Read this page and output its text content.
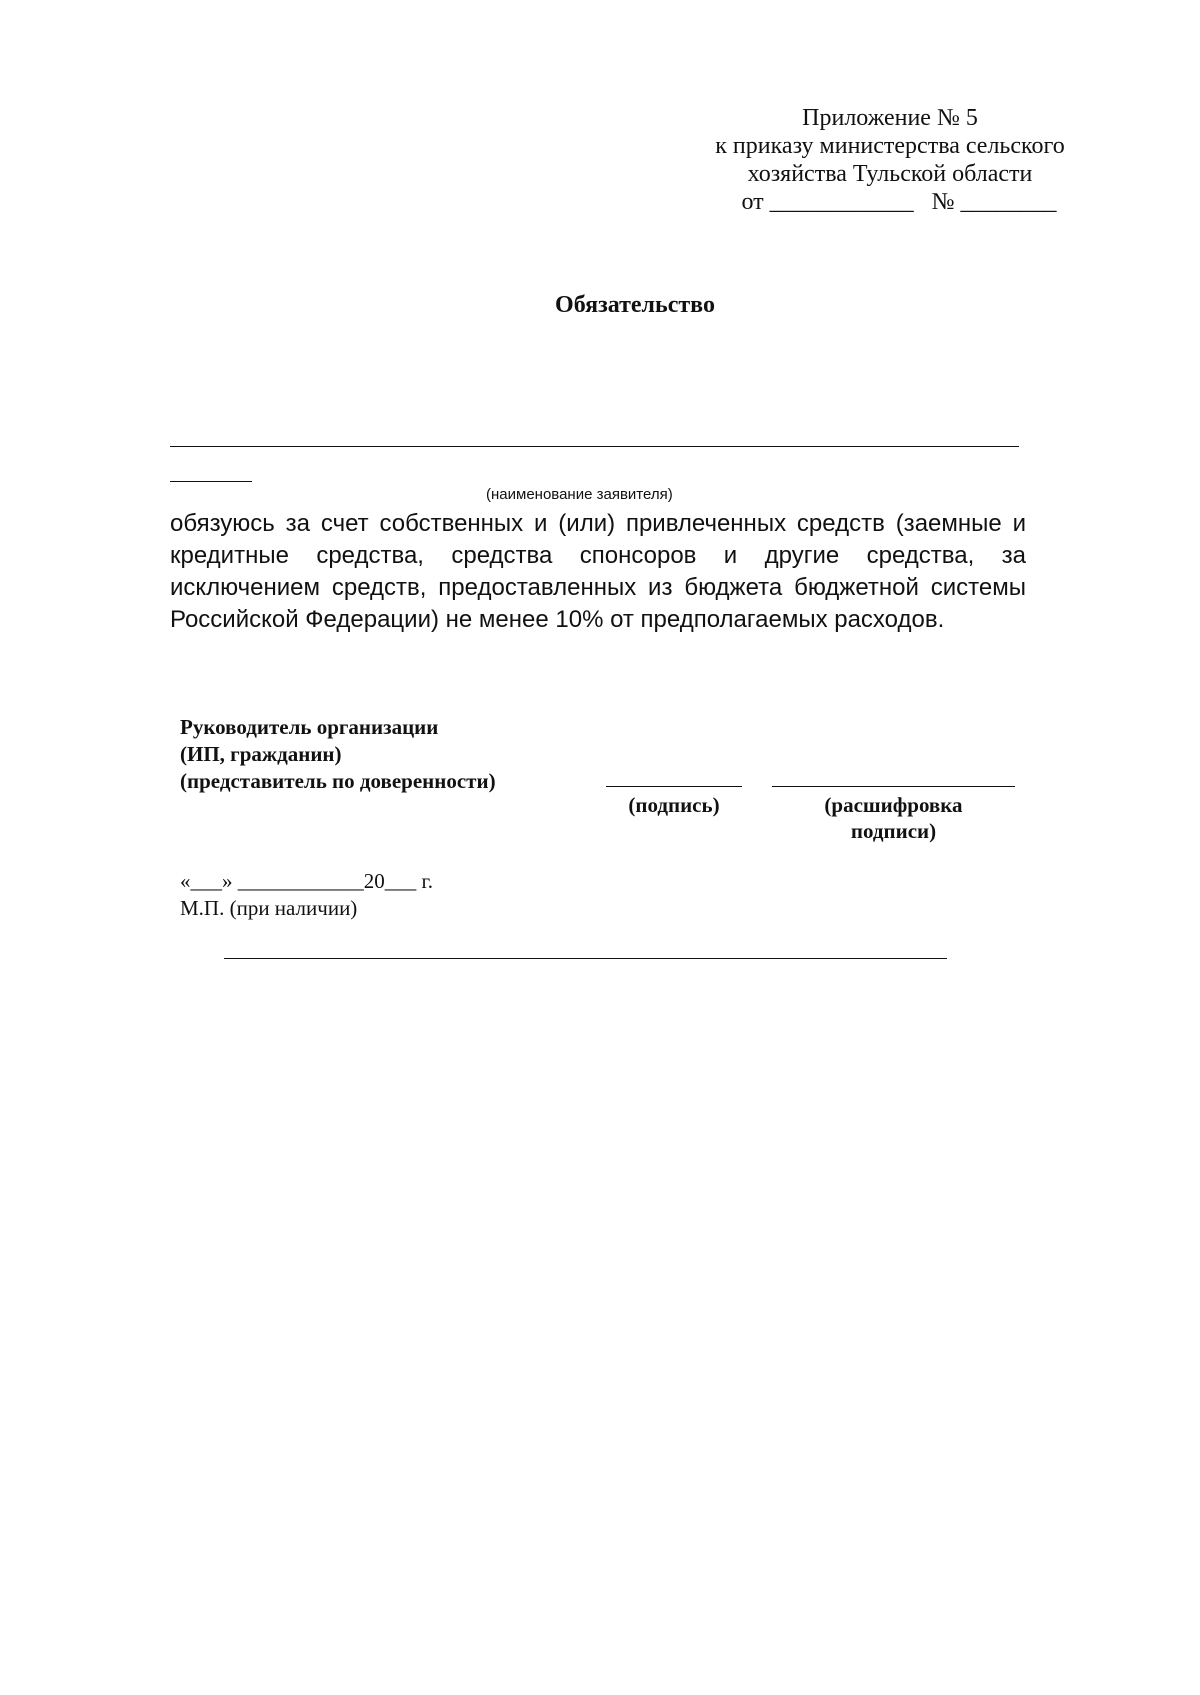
Приложение № 5
к приказу министерства сельского
хозяйства Тульской области
от ____________   № ________
Обязательство
(наименование заявителя)
обязуюсь за счет собственных и (или) привлеченных средств (заемные и кредитные средства, средства спонсоров и другие средства, за исключением средств, предоставленных из бюджета бюджетной системы Российской Федерации) не менее 10% от предполагаемых расходов.
Руководитель организации
(ИП, гражданин)
(представитель по доверенности)
(подпись)	(расшифровка
подписи)
«___» ____________20___ г.
М.П. (при наличии)
